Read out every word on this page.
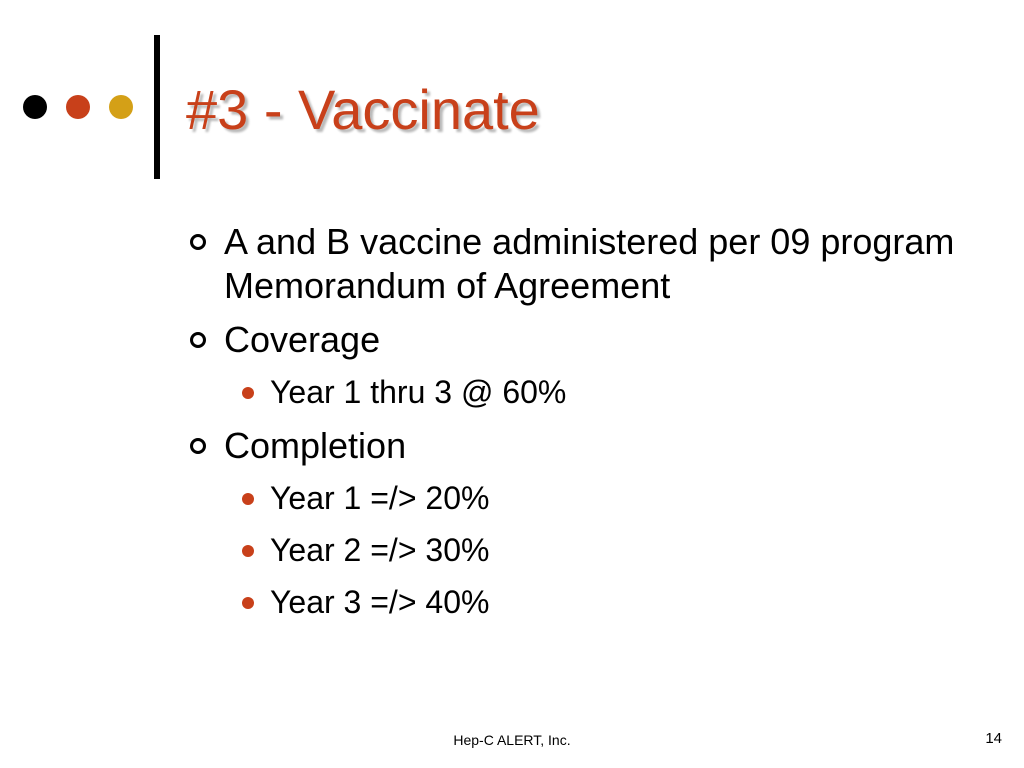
#3 - Vaccinate
A and B vaccine administered per 09 program Memorandum of Agreement
Coverage
Year 1 thru 3 @ 60%
Completion
Year 1 =/> 20%
Year 2 =/> 30%
Year 3 =/> 40%
Hep-C ALERT, Inc.	14
